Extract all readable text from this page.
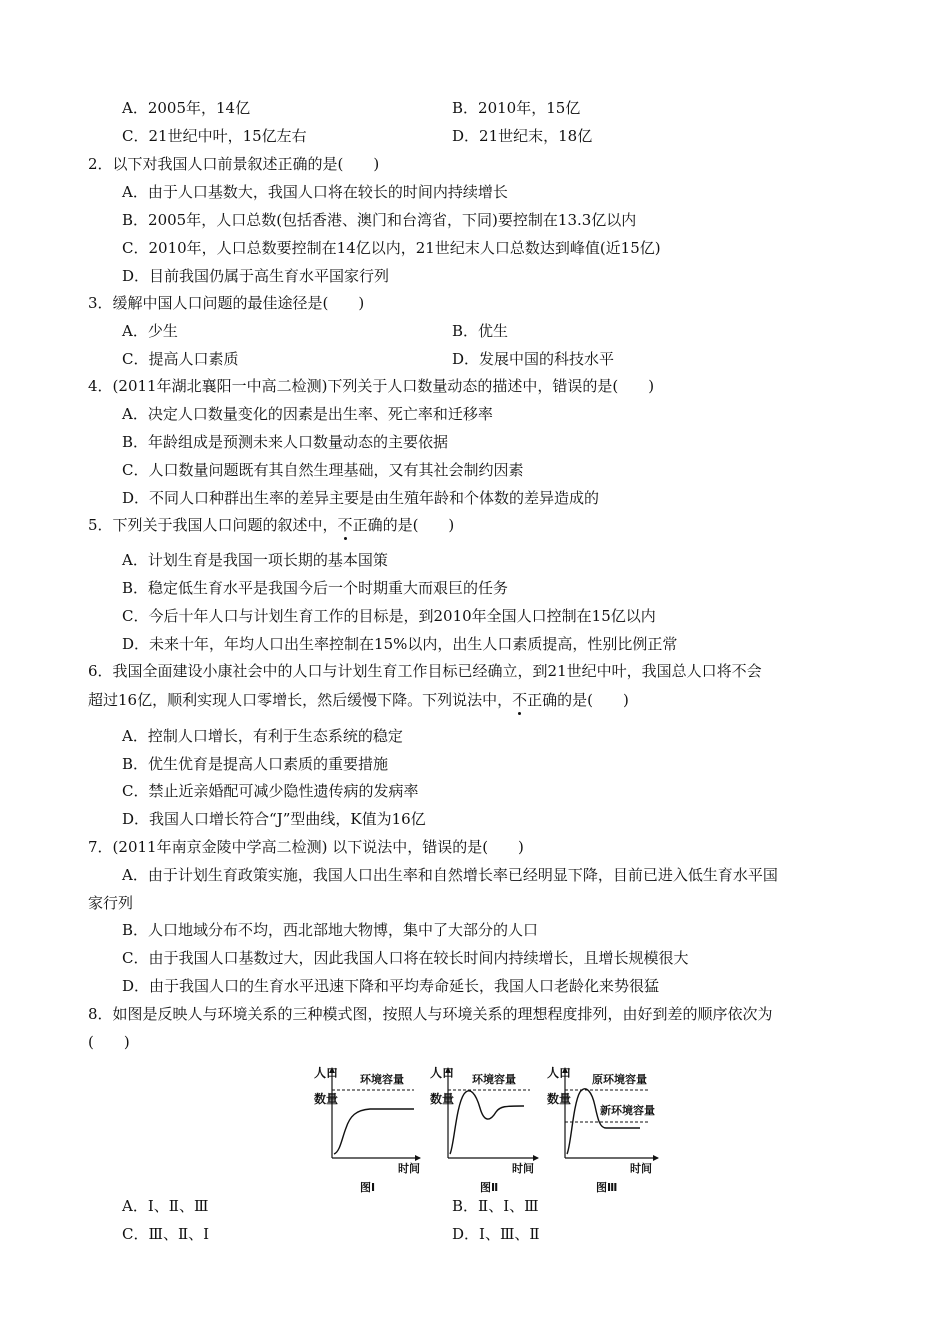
A．2005年，14亿	B．2010年，15亿
C．21世纪中叶，15亿左右	D．21世纪末，18亿
2．以下对我国人口前景叙述正确的是(　　)
A．由于人口基数大，我国人口将在较长的时间内持续增长
B．2005年，人口总数(包括香港、澳门和台湾省，下同)要控制在13.3亿以内
C．2010年，人口总数要控制在14亿以内，21世纪末人口总数达到峰值(近15亿)
D．目前我国仍属于高生育水平国家行列
3．缓解中国人口问题的最佳途径是(　　)
A．少生	B．优生
C．提高人口素质	D．发展中国的科技水平
4．(2011年湖北襄阳一中高二检测)下列关于人口数量动态的描述中，错误的是(　　)
A．决定人口数量变化的因素是出生率、死亡率和迁移率
B．年龄组成是预测未来人口数量动态的主要依据
C．人口数量问题既有其自然生理基础，又有其社会制约因素
D．不同人口种群出生率的差异主要是由生殖年龄和个体数的差异造成的
5．下列关于我国人口问题的叙述中，不正确的是(　　)
A．计划生育是我国一项长期的基本国策
B．稳定低生育水平是我国今后一个时期重大而艰巨的任务
C．今后十年人口与计划生育工作的目标是，到2010年全国人口控制在15亿以内
D．未来十年，年均人口出生率控制在15%以内，出生人口素质提高，性别比例正常
6．我国全面建设小康社会中的人口与计划生育工作目标已经确立，到21世纪中叶，我国总人口将不会
超过16亿，顺利实现人口零增长，然后缓慢下降。下列说法中，不正确的是(　　)
A．控制人口增长，有利于生态系统的稳定
B．优生优育是提高人口素质的重要措施
C．禁止近亲婚配可减少隐性遗传病的发病率
D．我国人口增长符合“J”型曲线，K值为16亿
7．(2011年南京金陵中学高二检测) 以下说法中，错误的是(　　)
A．由于计划生育政策实施，我国人口出生率和自然增长率已经明显下降，目前已进入低生育水平国
家行列
B．人口地域分布不均，西北部地大物博，集中了大部分的人口
C．由于我国人口基数过大，因此我国人口将在较长时间内持续增长，且增长规模很大
D．由于我国人口的生育水平迅速下降和平均寿命延长，我国人口老龄化来势很猛
8．如图是反映人与环境关系的三种模式图，按照人与环境关系的理想程度排列，由好到差的顺序依次为
(　　)
人口
数量
环境容量
时间
图Ⅰ
人口
数量
环境容量
时间
图Ⅱ
人口
数量
原环境容量
新环境容量
时间
图Ⅲ
A．Ⅰ、Ⅱ、Ⅲ	B．Ⅱ、Ⅰ、Ⅲ
C．Ⅲ、Ⅱ、Ⅰ	D．Ⅰ、Ⅲ、Ⅱ
